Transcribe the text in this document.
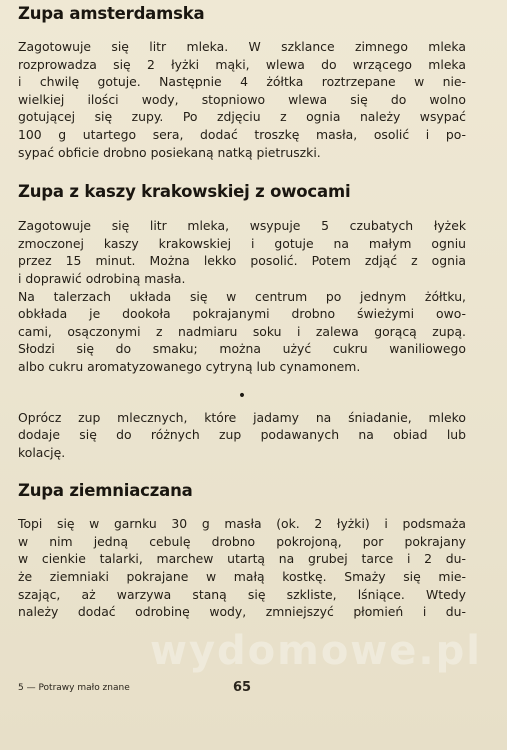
Zupa amsterdamska

Zagotowuje się litr mleka. W szklance zimnego mleka
rozprowadza się 2 łyżki mąki, wlewa do wrzącego mleka
i chwilę gotuje. Następnie 4 żółtka roztrzepane w nie-
wielkiej ilości wody, stopniowo wlewa się do wolno
gotującej się zupy. Po zdjęciu z ognia należy wsypać
100 g utartego sera, dodać troszkę masła, osolić i po-
sypać obficie drobno posiekaną natką pietruszki.

Zupa z kaszy krakowskiej z owocami

Zagotowuje się litr mleka, wsypuje 5 czubatych łyżek
zmoczonej kaszy krakowskiej i gotuje na małym ogniu
przez 15 minut. Można lekko posolić. Potem zdjąć z ognia
i doprawić odrobiną masła.
Na talerzach układa się w centrum po jednym żółtku,
obkłada je dookoła pokrajanymi drobno świeżymi owo-
cami, osączonymi z nadmiaru soku i zalewa gorącą zupą.
Słodzi się do smaku; można użyć cukru waniliowego
albo cukru aromatyzowanego cytryną lub cynamonem.

•

Oprócz zup mlecznych, które jadamy na śniadanie, mleko
dodaje się do różnych zup podawanych na obiad lub
kolację.

Zupa ziemniaczana

Topi się w garnku 30 g masła (ok. 2 łyżki) i podsmaża
w nim jedną cebulę drobno pokrojoną, por pokrajany
w cienkie talarki, marchew utartą na grubej tarce i 2 du-
że ziemniaki pokrajane w małą kostkę. Smaży się mie-
szając, aż warzywa staną się szkliste, lśniące. Wtedy
należy dodać odrobinę wody, zmniejszyć płomień i du-

wydomowe.pl
5 — Potrawy mało znane	65
